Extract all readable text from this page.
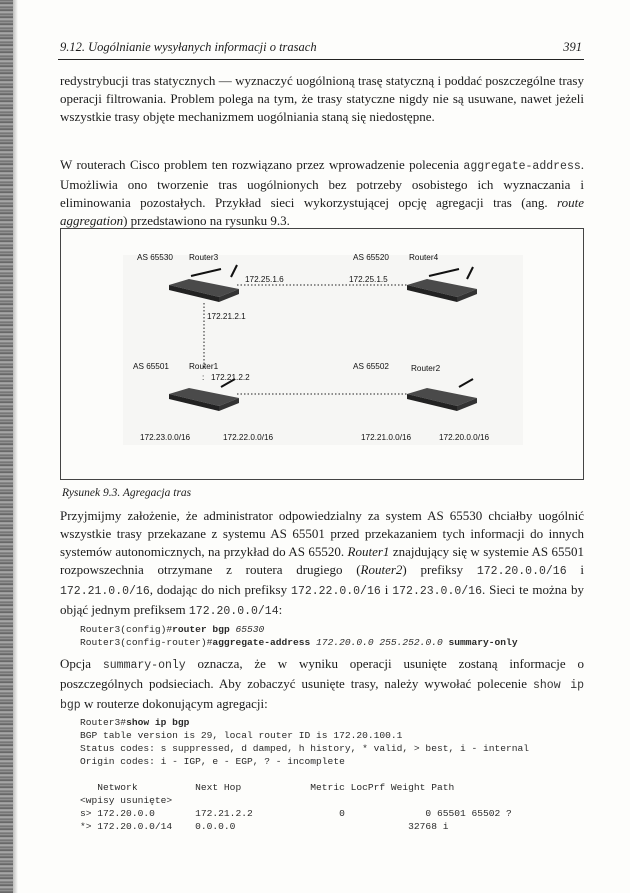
9.12. Uogólnianie wysyłanych informacji o trasach	391

redystrybucji tras statycznych — wyznaczyć uogólnioną trasę statyczną i poddać poszczególne trasy operacji filtrowania. Problem polega na tym, że trasy statyczne nigdy nie są usuwane, nawet jeżeli wszystkie trasy objęte mechanizmem uogólniania staną się niedostępne.

W routerach Cisco problem ten rozwiązano przez wprowadzenie polecenia aggregate-address. Umożliwia ono tworzenie tras uogólnionych bez potrzeby osobistego ich wyznaczania i eliminowania pozostałych. Przykład sieci wykorzystującej opcję agregacji tras (ang. route aggregation) przedstawiono na rysunku 9.3.

AS 65530 Router3	AS 65520 Router4
172.25.1.6	172.25.1.5
172.21.2.1
AS 65501 Router1
: 172.21.2.2
AS 65502	Router2
172.23.0.0/16	172.22.0.0/16	172.21.0.0/16	172.20.0.0/16
Rysunek 9.3. Agregacja tras

Przyjmijmy założenie, że administrator odpowiedzialny za system AS 65530 chciałby uogólnić wszystkie trasy przekazane z systemu AS 65501 przed przekazaniem tych informacji do innych systemów autonomicznych, na przykład do AS 65520. Router1 znajdujący się w systemie AS 65501 rozpowszechnia otrzymane z routera drugiego (Router2) prefiksy 172.20.0.0/16 i 172.21.0.0/16, dodając do nich prefiksy 172.22.0.0/16 i 172.23.0.0/16. Sieci te można by objąć jednym prefiksem 172.20.0.0/14:

Router3(config)#router bgp 65530
Router3(config-router)#aggregate-address 172.20.0.0 255.252.0.0 summary-only

Opcja summary-only oznacza, że w wyniku operacji usunięte zostaną informacje o poszczególnych podsieciach. Aby zobaczyć usunięte trasy, należy wywołać polecenie show ip bgp w routerze dokonującym agregacji:

Router3#show ip bgp
BGP table version is 29, local router ID is 172.20.100.1
Status codes: s suppressed, d damped, h history, * valid, > best, i - internal
Origin codes: i - IGP, e - EGP, ? - incomplete

Network          Next Hop            Metric LocPrf Weight Path
<wpisy usunięte>
s> 172.20.0.0       172.21.2.2               0              0 65501 65502 ?
*> 172.20.0.0/14    0.0.0.0                              32768 i
